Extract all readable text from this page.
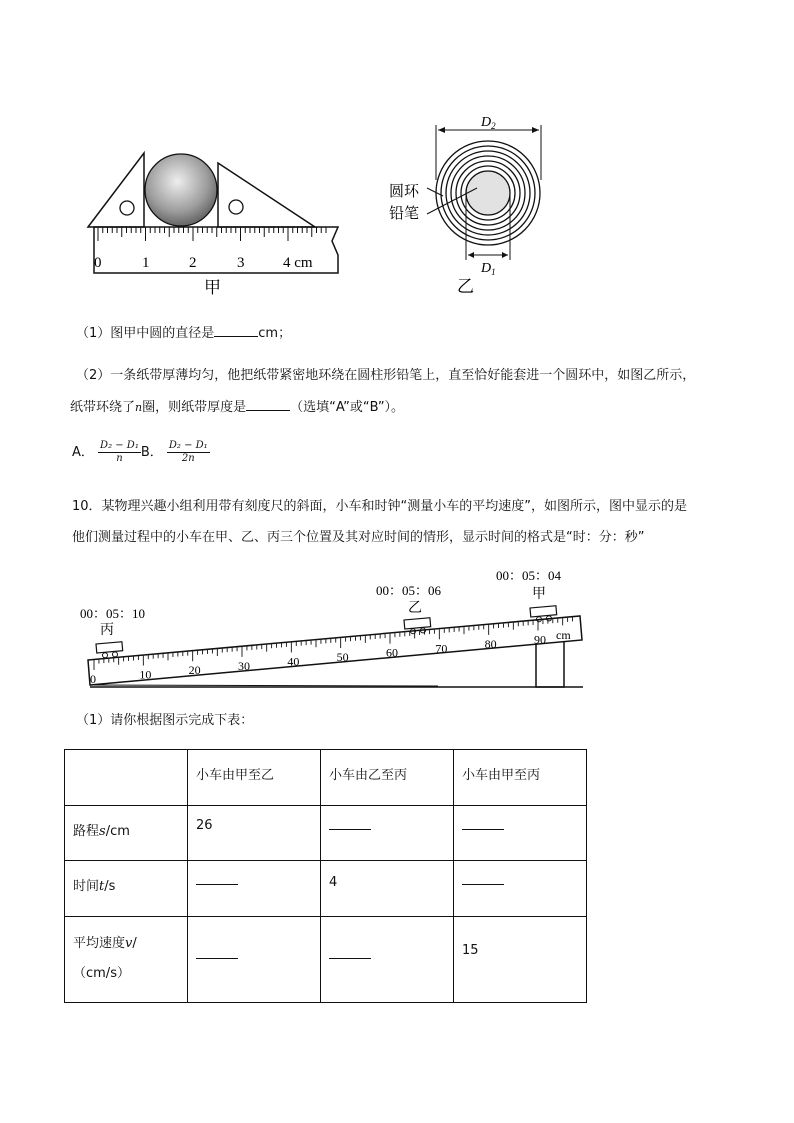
0	1	2	3	4 cm
甲
$D_2$
圆环
铅笔
$D_1$
乙
（1）图甲中圆的直径是	cm；
（2）一条纸带厚薄均匀，他把纸带紧密地环绕在圆柱形铅笔上，直至恰好能套进一个圆环中，如图乙所示，
纸带环绕了n圈，则纸带厚度是	（选填“A”或“B”）。
A． $\frac{\text{D₂ − D₁}}{n}$ B． $\frac{\text{D₂ − D₁}}{2n}$
10．某物理兴趣小组利用带有刻度尺的斜面，小车和时钟“测量小车的平均速度”，如图所示，图中显示的是
他们测量过程中的小车在甲、乙、丙三个位置及其对应时间的情形，显示时间的格式是“时：分：秒”
00：05：10
00：05：06
00：05：04
丙
乙
甲
0	10	20	30	40	50	60	70	80	90 cm
（1）请你根据图示完成下表：
	小车由甲至乙	小车由乙至丙	小车由甲至丙
路程s/cm	26		
时间t/s		4	
平均速度v/
（cm/s）			15
